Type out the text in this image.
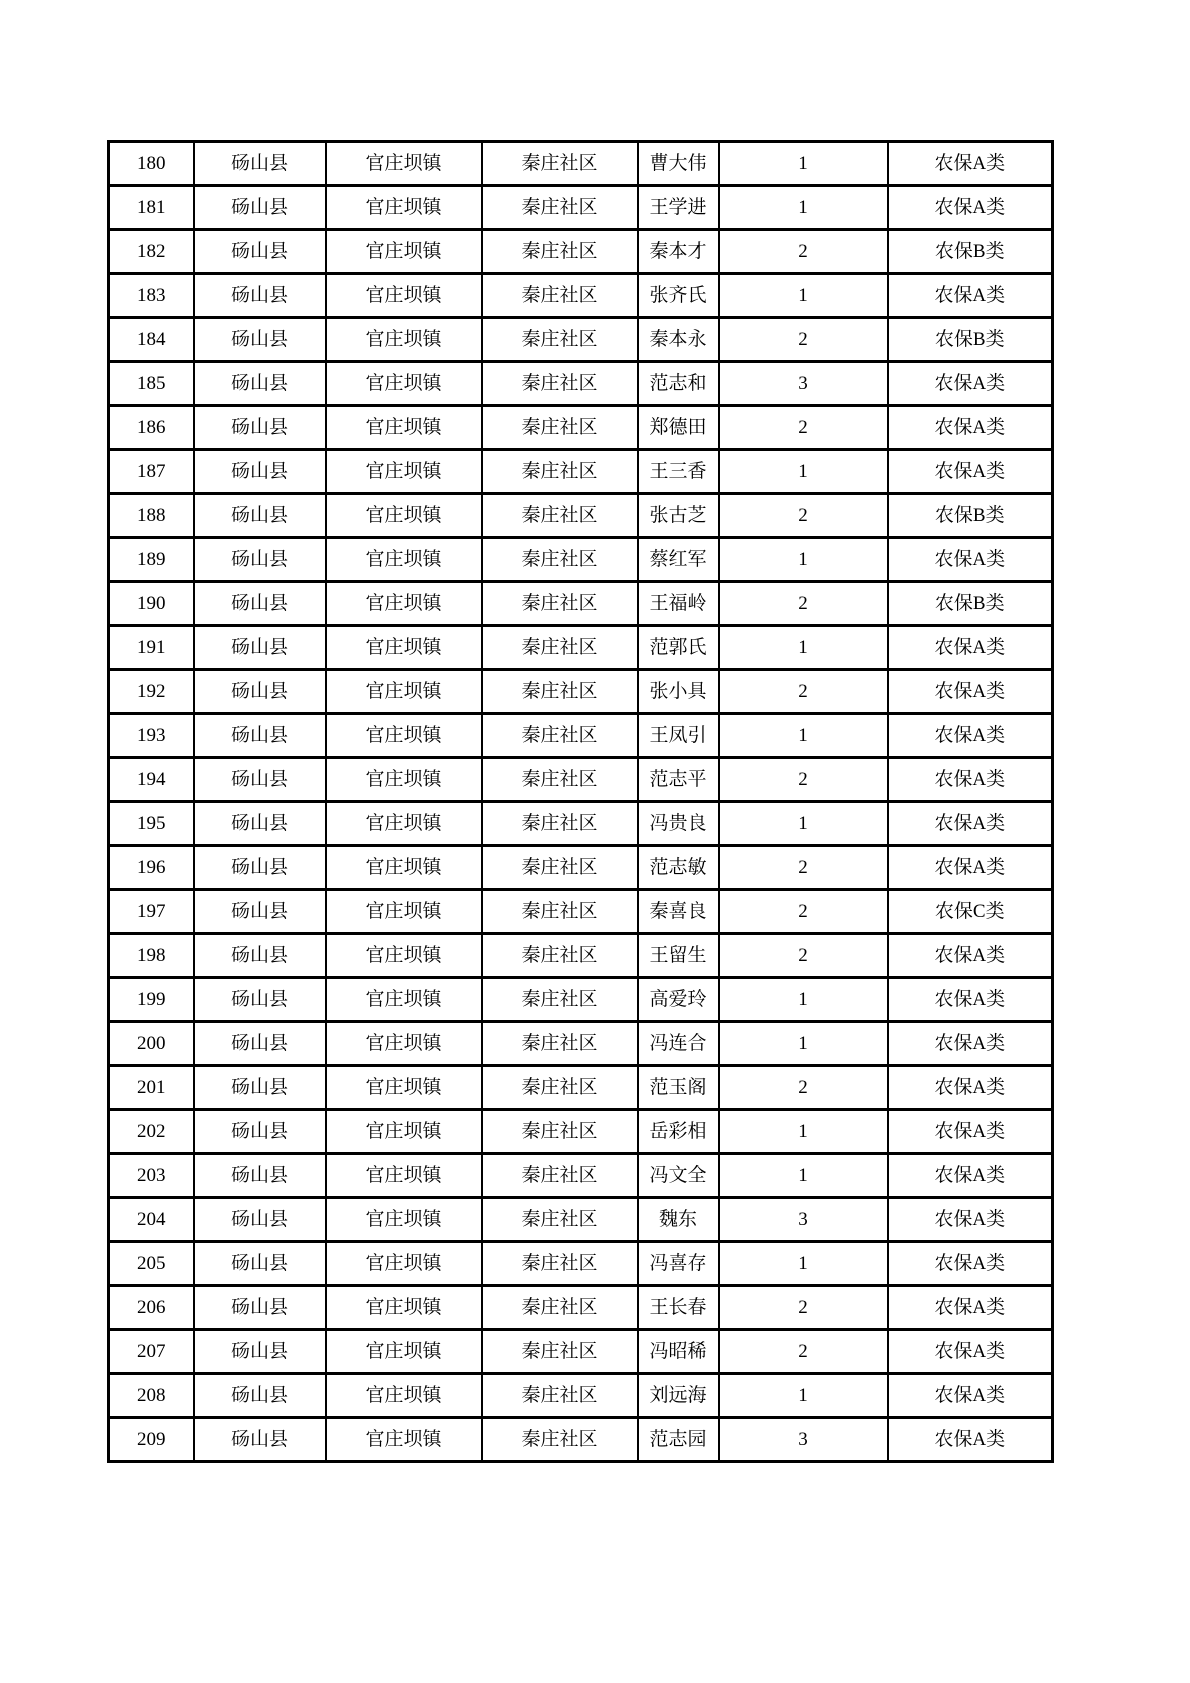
180	砀山县	官庄坝镇	秦庄社区	曹大伟	1	农保A类
181	砀山县	官庄坝镇	秦庄社区	王学进	1	农保A类
182	砀山县	官庄坝镇	秦庄社区	秦本才	2	农保B类
183	砀山县	官庄坝镇	秦庄社区	张齐氏	1	农保A类
184	砀山县	官庄坝镇	秦庄社区	秦本永	2	农保B类
185	砀山县	官庄坝镇	秦庄社区	范志和	3	农保A类
186	砀山县	官庄坝镇	秦庄社区	郑德田	2	农保A类
187	砀山县	官庄坝镇	秦庄社区	王三香	1	农保A类
188	砀山县	官庄坝镇	秦庄社区	张古芝	2	农保B类
189	砀山县	官庄坝镇	秦庄社区	蔡红军	1	农保A类
190	砀山县	官庄坝镇	秦庄社区	王福岭	2	农保B类
191	砀山县	官庄坝镇	秦庄社区	范郭氏	1	农保A类
192	砀山县	官庄坝镇	秦庄社区	张小具	2	农保A类
193	砀山县	官庄坝镇	秦庄社区	王凤引	1	农保A类
194	砀山县	官庄坝镇	秦庄社区	范志平	2	农保A类
195	砀山县	官庄坝镇	秦庄社区	冯贵良	1	农保A类
196	砀山县	官庄坝镇	秦庄社区	范志敏	2	农保A类
197	砀山县	官庄坝镇	秦庄社区	秦喜良	2	农保C类
198	砀山县	官庄坝镇	秦庄社区	王留生	2	农保A类
199	砀山县	官庄坝镇	秦庄社区	高爱玲	1	农保A类
200	砀山县	官庄坝镇	秦庄社区	冯连合	1	农保A类
201	砀山县	官庄坝镇	秦庄社区	范玉阁	2	农保A类
202	砀山县	官庄坝镇	秦庄社区	岳彩相	1	农保A类
203	砀山县	官庄坝镇	秦庄社区	冯文全	1	农保A类
204	砀山县	官庄坝镇	秦庄社区	魏东	3	农保A类
205	砀山县	官庄坝镇	秦庄社区	冯喜存	1	农保A类
206	砀山县	官庄坝镇	秦庄社区	王长春	2	农保A类
207	砀山县	官庄坝镇	秦庄社区	冯昭稀	2	农保A类
208	砀山县	官庄坝镇	秦庄社区	刘远海	1	农保A类
209	砀山县	官庄坝镇	秦庄社区	范志园	3	农保A类
